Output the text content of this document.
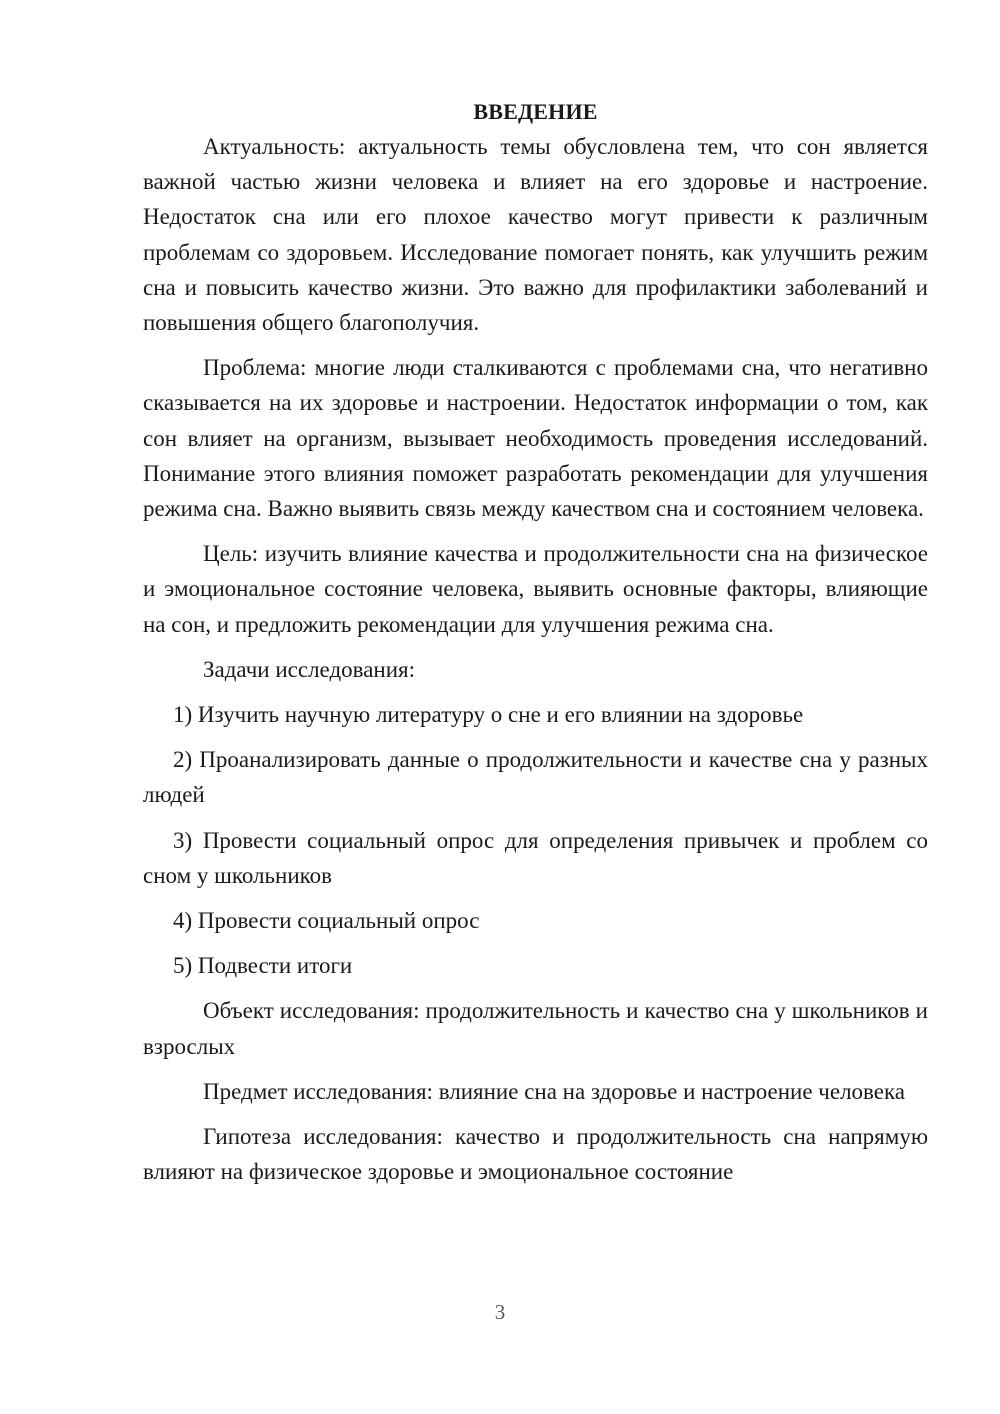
ВВЕДЕНИЕ

Актуальность: актуальность темы обусловлена тем, что сон является важной частью жизни человека и влияет на его здоровье и настроение. Недостаток сна или его плохое качество могут привести к различным проблемам со здоровьем. Исследование помогает понять, как улучшить режим сна и повысить качество жизни. Это важно для профилактики заболеваний и повышения общего благополучия.

Проблема: многие люди сталкиваются с проблемами сна, что негативно сказывается на их здоровье и настроении. Недостаток информации о том, как сон влияет на организм, вызывает необходимость проведения исследований. Понимание этого влияния поможет разработать рекомендации для улучшения режима сна. Важно выявить связь между качеством сна и состоянием человека.

Цель: изучить влияние качества и продолжительности сна на физическое и эмоциональное состояние человека, выявить основные факторы, влияющие на сон, и предложить рекомендации для улучшения режима сна.

Задачи исследования:

1) Изучить научную литературу о сне и его влиянии на здоровье

2) Проанализировать данные о продолжительности и качестве сна у разных людей

3) Провести социальный опрос для определения привычек и проблем со сном у школьников

4) Провести социальный опрос

5) Подвести итоги

Объект исследования: продолжительность и качество сна у школьников и взрослых

Предмет исследования: влияние сна на здоровье и настроение человека

Гипотеза исследования: качество и продолжительность сна напрямую влияют на физическое здоровье и эмоциональное состояние

3
